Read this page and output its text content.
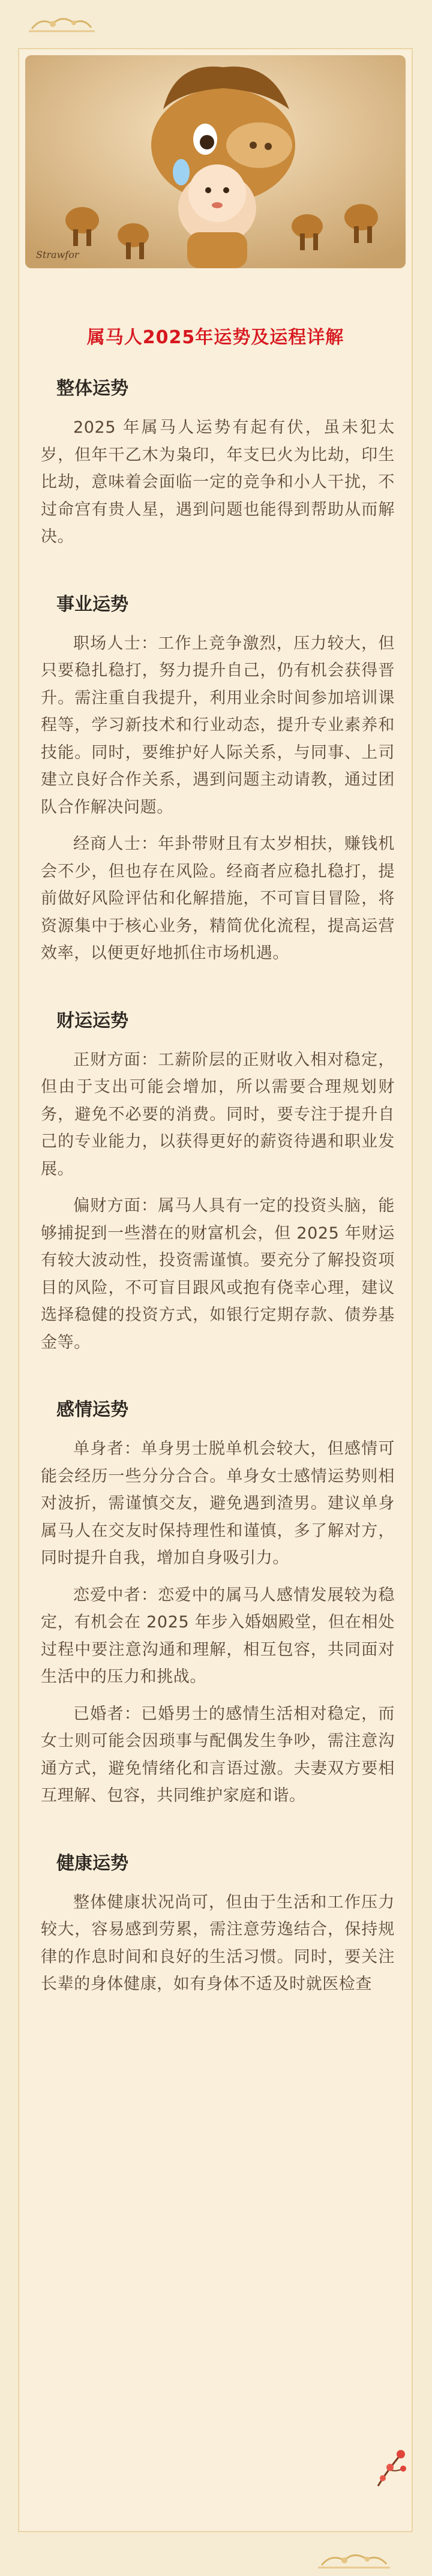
Strawfor
属马人2025年运势及运程详解
整体运势

2025 年属马人运势有起有伏，虽未犯太岁，但年干乙木为枭印，年支巳火为比劫，印生比劫，意味着会面临一定的竞争和小人干扰，不过命宫有贵人星，遇到问题也能得到帮助从而解决。

事业运势

职场人士：工作上竞争激烈，压力较大，但只要稳扎稳打，努力提升自己，仍有机会获得晋升。需注重自我提升，利用业余时间参加培训课程等，学习新技术和行业动态，提升专业素养和技能。同时，要维护好人际关系，与同事、上司建立良好合作关系，遇到问题主动请教，通过团队合作解决问题。

经商人士：年卦带财且有太岁相扶，赚钱机会不少，但也存在风险。经商者应稳扎稳打，提前做好风险评估和化解措施，不可盲目冒险，将资源集中于核心业务，精简优化流程，提高运营效率，以便更好地抓住市场机遇。

财运运势

正财方面：工薪阶层的正财收入相对稳定，但由于支出可能会增加，所以需要合理规划财务，避免不必要的消费。同时，要专注于提升自己的专业能力，以获得更好的薪资待遇和职业发展。

偏财方面：属马人具有一定的投资头脑，能够捕捉到一些潜在的财富机会，但 2025 年财运有较大波动性，投资需谨慎。要充分了解投资项目的风险，不可盲目跟风或抱有侥幸心理，建议选择稳健的投资方式，如银行定期存款、债券基金等。

感情运势

单身者：单身男士脱单机会较大，但感情可能会经历一些分分合合。单身女士感情运势则相对波折，需谨慎交友，避免遇到渣男。建议单身属马人在交友时保持理性和谨慎，多了解对方，同时提升自我，增加自身吸引力。

恋爱中者：恋爱中的属马人感情发展较为稳定，有机会在 2025 年步入婚姻殿堂，但在相处过程中要注意沟通和理解，相互包容，共同面对生活中的压力和挑战。

已婚者：已婚男士的感情生活相对稳定，而女士则可能会因琐事与配偶发生争吵，需注意沟通方式，避免情绪化和言语过激。夫妻双方要相互理解、包容，共同维护家庭和谐。

健康运势

整体健康状况尚可，但由于生活和工作压力较大，容易感到劳累，需注意劳逸结合，保持规律的作息时间和良好的生活习惯。同时，要关注长辈的身体健康，如有身体不适及时就医检查
